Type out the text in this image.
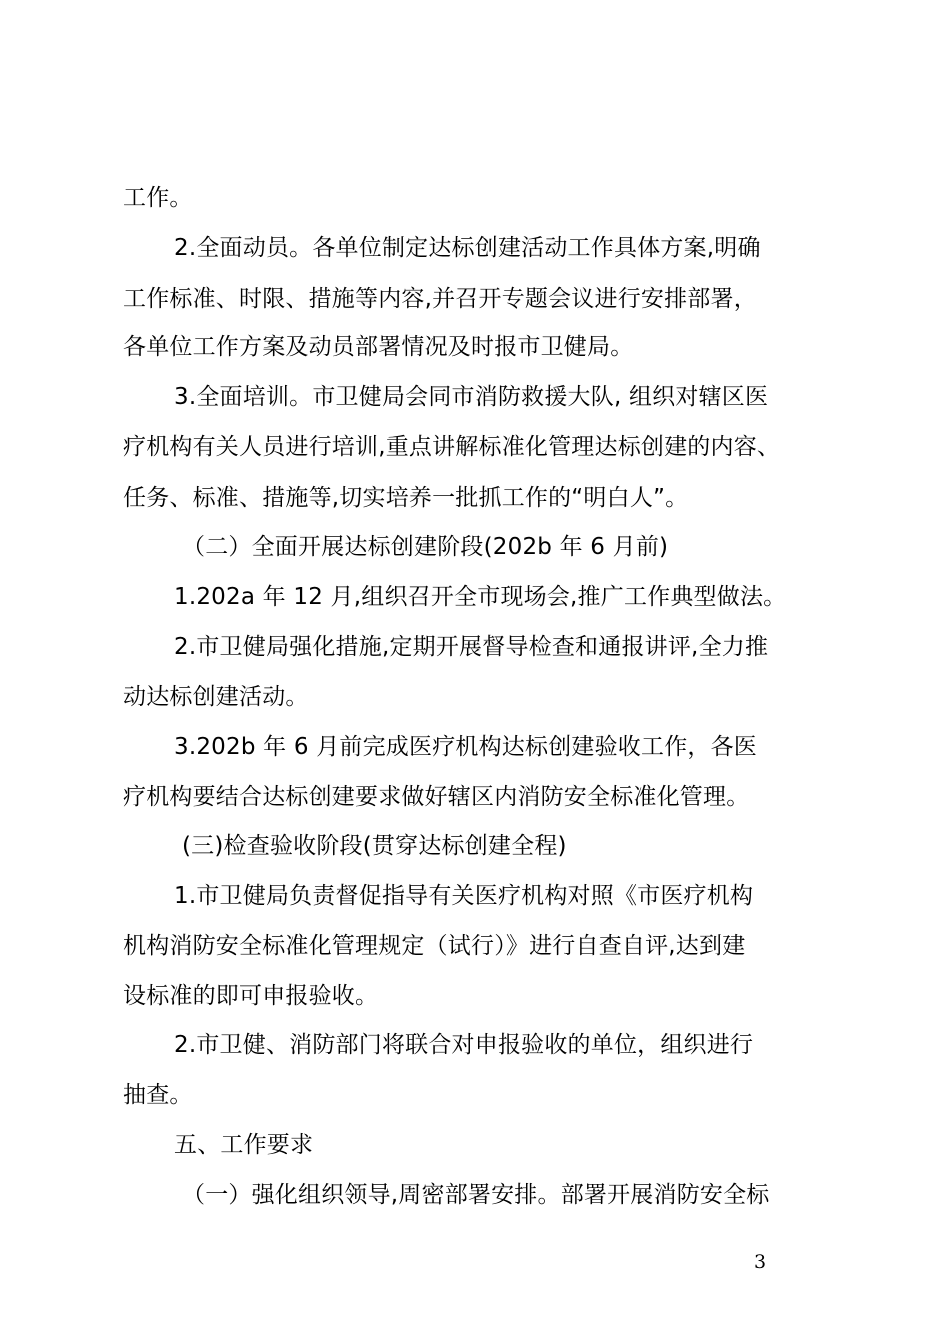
工作。
2.全面动员。各单位制定达标创建活动工作具体方案,明确
工作标准、时限、措施等内容,并召开专题会议进行安排部署，
各单位工作方案及动员部署情况及时报市卫健局。
3.全面培训。市卫健局会同市消防救援大队, 组织对辖区医
疗机构有关人员进行培训,重点讲解标准化管理达标创建的内容、
任务、标准、措施等,切实培养一批抓工作的“明白人”。
（二）全面开展达标创建阶段(202b 年 6 月前)
1.202a 年 12 月,组织召开全市现场会,推广工作典型做法。
2.市卫健局强化措施,定期开展督导检查和通报讲评,全力推
动达标创建活动。
3.202b 年 6 月前完成医疗机构达标创建验收工作，各医
疗机构要结合达标创建要求做好辖区内消防安全标准化管理。
(三)检查验收阶段(贯穿达标创建全程)
1.市卫健局负责督促指导有关医疗机构对照《市医疗机构
机构消防安全标准化管理规定（试行）》进行自查自评,达到建
设标准的即可申报验收。
2.市卫健、消防部门将联合对申报验收的单位，组织进行
抽查。
五、工作要求
（一）强化组织领导,周密部署安排。部署开展消防安全标
3
